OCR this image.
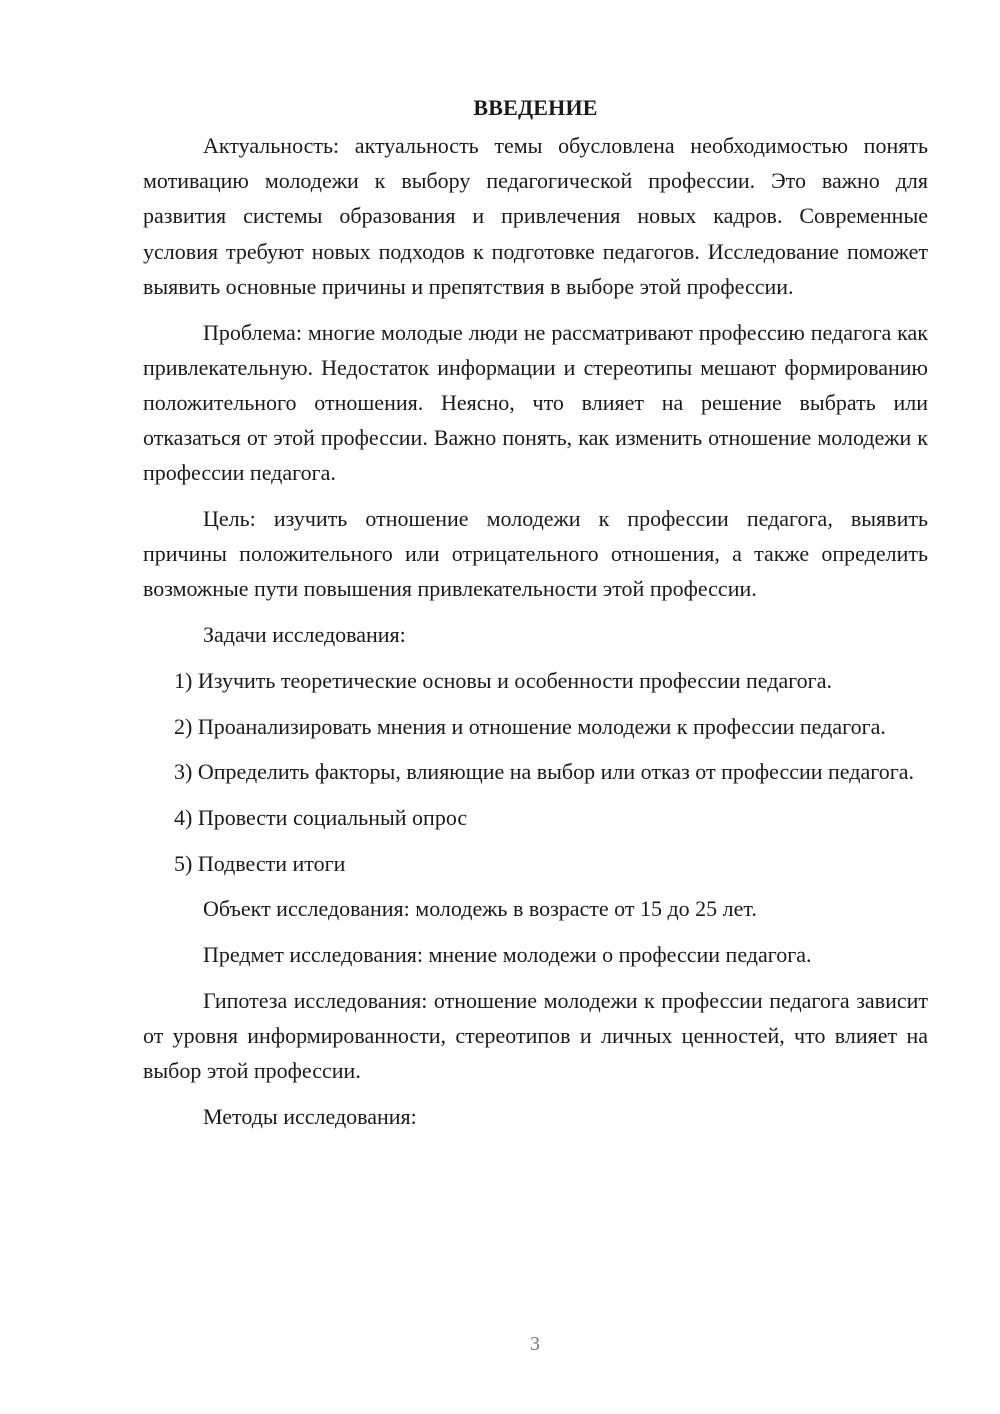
ВВЕДЕНИЕ

Актуальность: актуальность темы обусловлена необходимостью понять мотивацию молодежи к выбору педагогической профессии. Это важно для развития системы образования и привлечения новых кадров. Современные условия требуют новых подходов к подготовке педагогов. Исследование поможет выявить основные причины и препятствия в выборе этой профессии.

Проблема: многие молодые люди не рассматривают профессию педагога как привлекательную. Недостаток информации и стереотипы мешают формированию положительного отношения. Неясно, что влияет на решение выбрать или отказаться от этой профессии. Важно понять, как изменить отношение молодежи к профессии педагога.

Цель: изучить отношение молодежи к профессии педагога, выявить причины положительного или отрицательного отношения, а также определить возможные пути повышения привлекательности этой профессии.

Задачи исследования:

1) Изучить теоретические основы и особенности профессии педагога.

2) Проанализировать мнения и отношение молодежи к профессии педагога.

3) Определить факторы, влияющие на выбор или отказ от профессии педагога.

4) Провести социальный опрос

5) Подвести итоги

Объект исследования: молодежь в возрасте от 15 до 25 лет.

Предмет исследования: мнение молодежи о профессии педагога.

Гипотеза исследования: отношение молодежи к профессии педагога зависит от уровня информированности, стереотипов и личных ценностей, что влияет на выбор этой профессии.

Методы исследования:

3
